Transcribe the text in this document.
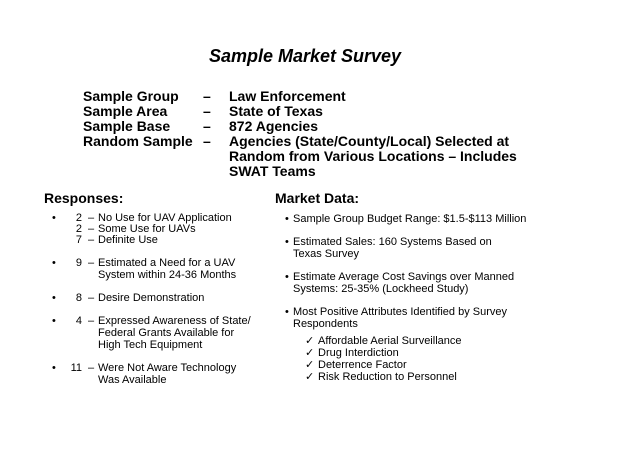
Sample Market Survey
Sample Group	–	Law Enforcement
Sample Area	–	State of Texas
Sample Base	–	872 Agencies
Random Sample –	Agencies (State/County/Local) Selected at
Random from Various Locations – Includes
SWAT Teams
Responses:	Market Data:
•	2 – No Use for UAV Application
2 – Some Use for UAVs
7 – Definite Use
•	9 – Estimated a Need for a UAV
System within 24-36 Months
•	8 – Desire Demonstration
•	4 – Expressed Awareness of State/
Federal Grants Available for
High Tech Equipment
•	11 – Were Not Aware Technology
Was Available
• Sample Group Budget Range: $1.5-$113 Million
• Estimated Sales: 160 Systems Based on
Texas Survey
• Estimate Average Cost Savings over Manned
Systems: 25-35% (Lockheed Study)
• Most Positive Attributes Identified by Survey
Respondents
✓ Affordable Aerial Surveillance
✓ Drug Interdiction
✓ Deterrence Factor
✓ Risk Reduction to Personnel
